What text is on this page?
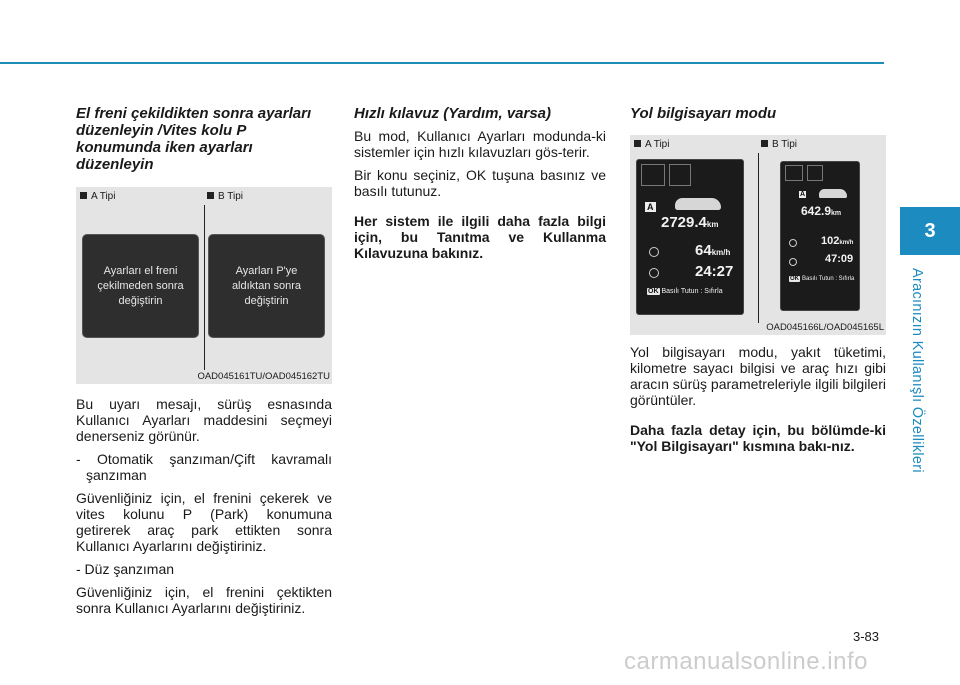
3
Aracınızın Kullanışlı Özellikleri
El freni çekildikten sonra ayarları düzenleyin /Vites kolu P konumunda iken ayarları düzenleyin
A Tipi	B Tipi
Ayarları el freni çekilmeden sonra değiştirin
Ayarları P'ye aldıktan sonra değiştirin
OAD045161TU/OAD045162TU

Bu uyarı mesajı, sürüş esnasında Kullanıcı Ayarları maddesini seçmeyi denerseniz görünür.

- Otomatik şanzıman/Çift kavramalı şanzıman

Güvenliğiniz için, el frenini çekerek ve vites kolunu P (Park) konumuna getirerek araç park ettikten sonra Kullanıcı Ayarlarını değiştiriniz.

- Düz şanzıman

Güvenliğiniz için, el frenini çektikten sonra Kullanıcı Ayarlarını değiştiriniz.

Hızlı kılavuz (Yardım, varsa)

Bu mod, Kullanıcı Ayarları modunda-ki sistemler için hızlı kılavuzları gös-terir.

Bir konu seçiniz, OK tuşuna basınız ve basılı tutunuz.

Her sistem ile ilgili daha fazla bilgi için, bu Tanıtma ve Kullanma Kılavuzuna bakınız.

Yol bilgisayarı modu
A Tipi	B Tipi
A
2729.4km
64km/h
24:27
OK Basılı Tutun : Sıfırla
A
642.9km
102km/h
47:09
OK Basılı Tutun : Sıfırla
OAD045166L/OAD045165L

Yol bilgisayarı modu, yakıt tüketimi, kilometre sayacı bilgisi ve araç hızı gibi aracın sürüş parametreleriyle ilgili bilgileri görüntüler.

Daha fazla detay için, bu bölümde-ki "Yol Bilgisayarı" kısmına bakı-nız.

3-83
carmanualsonline.info
